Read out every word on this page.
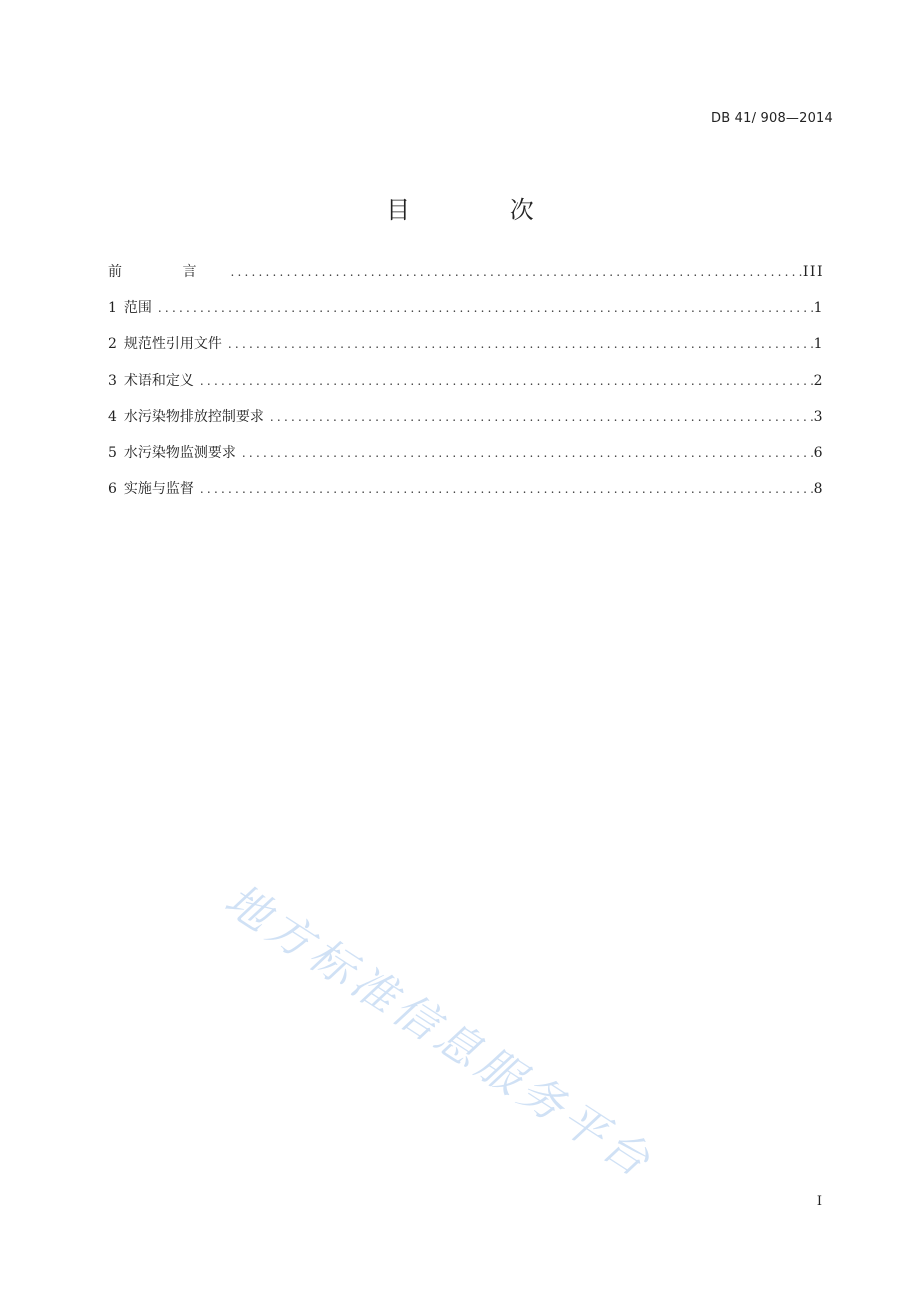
DB 41/ 908—2014
目 次
前 言 .....	III
1 范围 .....	1
2 规范性引用文件 .....	1
3 术语和定义 .....	2
4 水污染物排放控制要求 .....	3
5 水污染物监测要求 .....	6
6 实施与监督 .....	8
地方标准信息服务平台
I
